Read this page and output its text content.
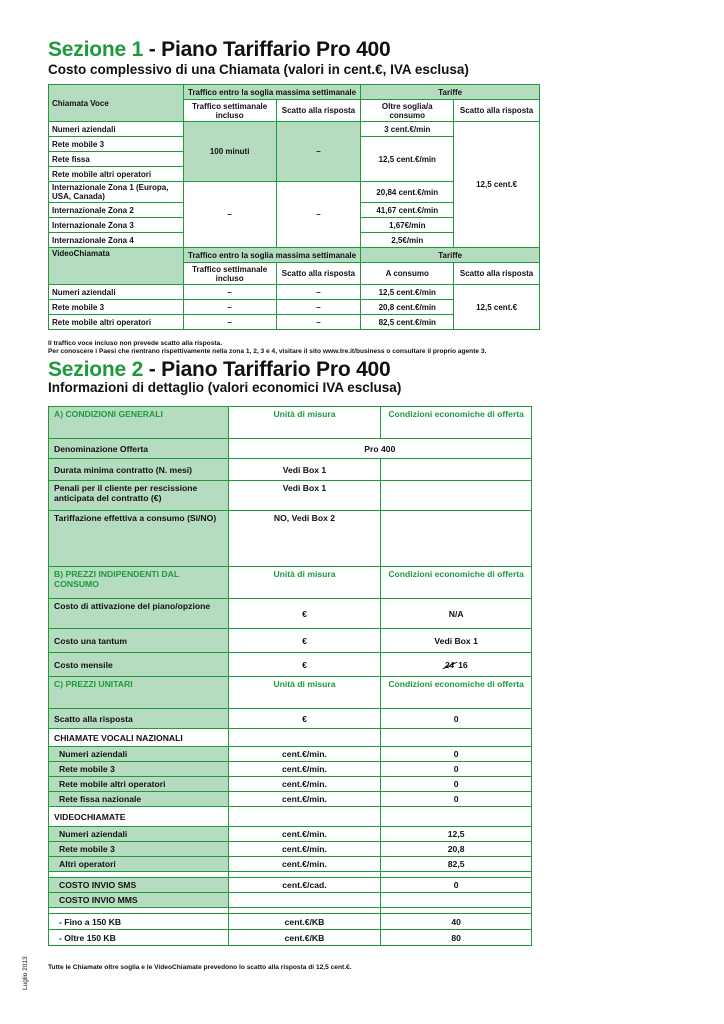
Sezione 1 - Piano Tariffario Pro 400
Costo complessivo di una Chiamata (valori in cent.€, IVA esclusa)
Chiamata Voce	Traffico entro la soglia massima settimanale		Tariffe	
	Traffico settimanale incluso	Scatto alla risposta	Oltre soglia/a consumo	Scatto alla risposta
Numeri aziendali	100 minuti	–	3 cent.€/min	12,5 cent.€
Rete mobile 3			12,5 cent.€/min	
Rete fissa				
Rete mobile altri operatori				
Internazionale Zona 1 (Europa, USA, Canada)	–	–	20,84 cent.€/min	
Internazionale Zona 2			41,67 cent.€/min	
Internazionale Zona 3			1,67€/min	
Internazionale Zona 4			2,5€/min	
VideoChiamata	Traffico entro la soglia massima settimanale		Tariffe	
	Traffico settimanale incluso	Scatto alla risposta	A consumo	Scatto alla risposta
Numeri aziendali	–	–	12,5 cent.€/min	12,5 cent.€
Rete mobile 3	–	–	20,8 cent.€/min	
Rete mobile altri operatori	–	–	82,5 cent.€/min	
Il traffico voce incluso non prevede scatto alla risposta.
Per conoscere i Paesi che rientrano rispettivamente nella zona 1, 2, 3 e 4, visitare il sito www.tre.it/business o consultare il proprio agente 3.
Sezione 2 - Piano Tariffario Pro 400
Informazioni di dettaglio (valori economici IVA esclusa)
A) CONDIZIONI GENERALI	Unità di misura	Condizioni economiche di offerta
Denominazione Offerta	Pro 400	
Durata minima contratto (N. mesi)	Vedi Box 1	
Penali per il cliente per rescissione anticipata del contratto (€)	Vedi Box 1	
Tariffazione effettiva a consumo (Sì/NO)	NO, Vedi Box 2	
B) PREZZI INDIPENDENTI DAL CONSUMO	Unità di misura	Condizioni economiche di offerta
Costo di attivazione del piano/opzione	€	N/A
Costo una tantum	€	Vedi Box 1
Costo mensile	€	24 16
C) PREZZI UNITARI	Unità di misura	Condizioni economiche di offerta
Scatto alla risposta	€	0
CHIAMATE VOCALI NAZIONALI		
Numeri aziendali	cent.€/min.	0
Rete mobile 3	cent.€/min.	0
Rete mobile altri operatori	cent.€/min.	0
Rete fissa nazionale	cent.€/min.	0
VIDEOCHIAMATE		
Numeri aziendali	cent.€/min.	12,5
Rete mobile 3	cent.€/min.	20,8
Altri operatori	cent.€/min.	82,5

COSTO INVIO SMS	cent.€/cad.	0
COSTO INVIO MMS		

- Fino a 150 KB	cent.€/KB	40
- Oltre 150 KB	cent.€/KB	80
Tutte le Chiamate oltre soglia e le VideoChiamate prevedono lo scatto alla risposta di 12,5 cent.€.
Luglio 2013
